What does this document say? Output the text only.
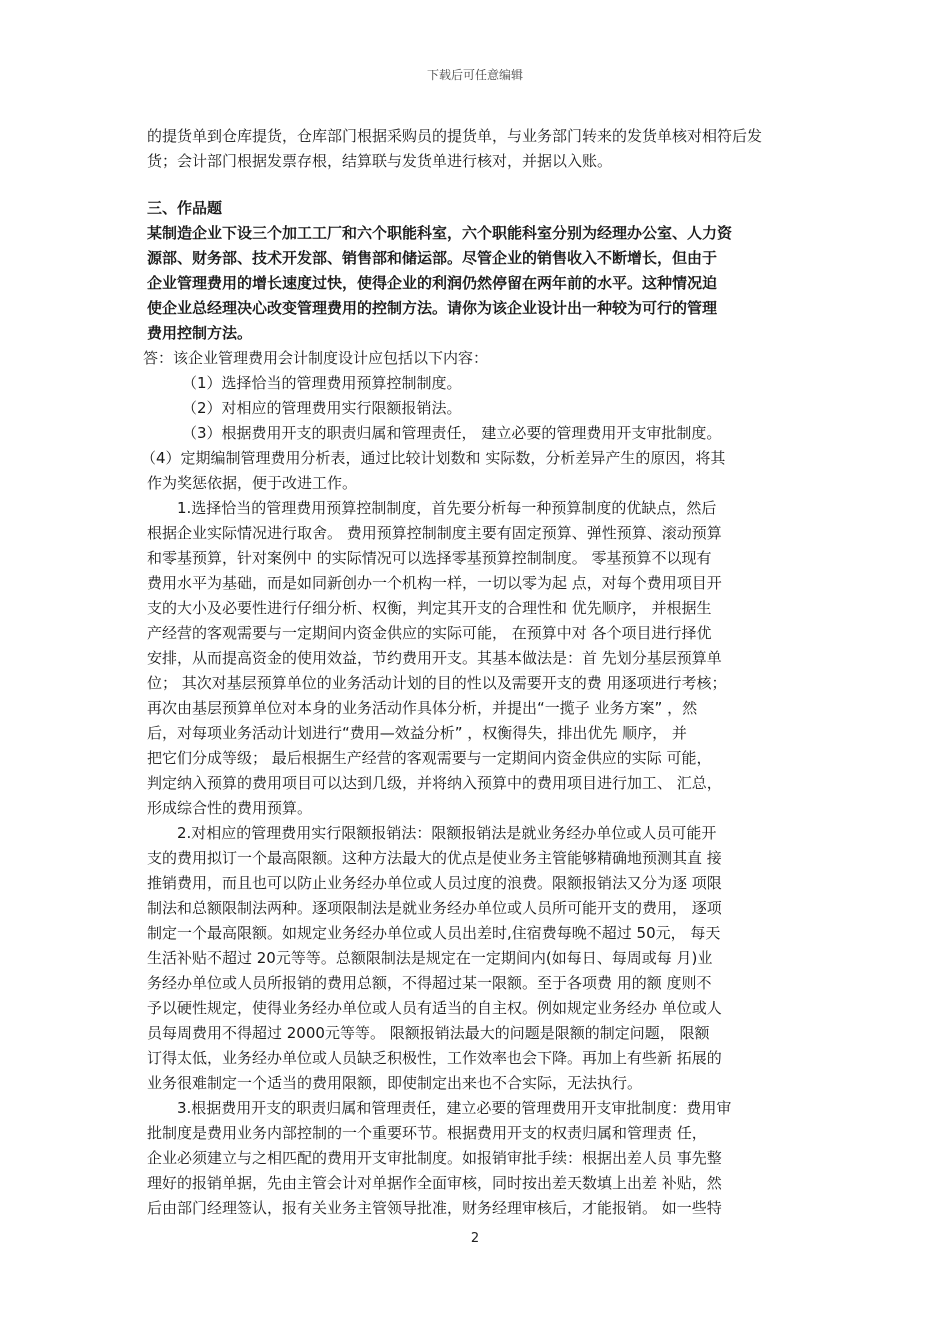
下载后可任意编辑
的提货单到仓库提货，仓库部门根据采购员的提货单，与业务部门转来的发货单核对相符后发
货；会计部门根据发票存根，结算联与发货单进行核对，并据以入账。
三、作品题
某制造企业下设三个加工工厂和六个职能科室，六个职能科室分别为经理办公室、人力资
源部、财务部、技术开发部、销售部和储运部。尽管企业的销售收入不断增长，但由于
企业管理费用的增长速度过快，使得企业的利润仍然停留在两年前的水平。这种情况迫
使企业总经理决心改变管理费用的控制方法。请你为该企业设计出一种较为可行的管理
费用控制方法。
答：该企业管理费用会计制度设计应包括以下内容：
（1）选择恰当的管理费用预算控制制度。
（2）对相应的管理费用实行限额报销法。
（3）根据费用开支的职责归属和管理责任， 建立必要的管理费用开支审批制度。
（4）定期编制管理费用分析表，通过比较计划数和 实际数，分析差异产生的原因，将其
作为奖惩依据，便于改进工作。
1.选择恰当的管理费用预算控制制度，首先要分析每一种预算制度的优缺点，然后
根据企业实际情况进行取舍。 费用预算控制制度主要有固定预算、弹性预算、滚动预算
和零基预算，针对案例中 的实际情况可以选择零基预算控制制度。 零基预算不以现有
费用水平为基础，而是如同新创办一个机构一样，一切以零为起 点，对每个费用项目开
支的大小及必要性进行仔细分析、权衡，判定其开支的合理性和 优先顺序， 并根据生
产经营的客观需要与一定期间内资金供应的实际可能， 在预算中对 各个项目进行择优
安排，从而提高资金的使用效益，节约费用开支。其基本做法是：首 先划分基层预算单
位； 其次对基层预算单位的业务活动计划的目的性以及需要开支的费 用逐项进行考核；
再次由基层预算单位对本身的业务活动作具体分析，并提出“一揽子 业务方案” ，然
后，对每项业务活动计划进行“费用—效益分析” ，权衡得失，排出优先 顺序， 并
把它们分成等级； 最后根据生产经营的客观需要与一定期间内资金供应的实际 可能，
判定纳入预算的费用项目可以达到几级，并将纳入预算中的费用项目进行加工、 汇总，
形成综合性的费用预算。
2.对相应的管理费用实行限额报销法：限额报销法是就业务经办单位或人员可能开
支的费用拟订一个最高限额。这种方法最大的优点是使业务主管能够精确地预测其直 接
推销费用，而且也可以防止业务经办单位或人员过度的浪费。限额报销法又分为逐 项限
制法和总额限制法两种。逐项限制法是就业务经办单位或人员所可能开支的费用， 逐项
制定一个最高限额。如规定业务经办单位或人员出差时,住宿费每晚不超过 50元， 每天
生活补贴不超过 20元等等。总额限制法是规定在一定期间内(如每日、每周或每 月)业
务经办单位或人员所报销的费用总额，不得超过某一限额。至于各项费 用的额 度则不
予以硬性规定，使得业务经办单位或人员有适当的自主权。例如规定业务经办 单位或人
员每周费用不得超过 2000元等等。 限额报销法最大的问题是限额的制定问题， 限额
订得太低，业务经办单位或人员缺乏积极性，工作效率也会下降。再加上有些新 拓展的
业务很难制定一个适当的费用限额，即使制定出来也不合实际，无法执行。
3.根据费用开支的职责归属和管理责任，建立必要的管理费用开支审批制度：费用审
批制度是费用业务内部控制的一个重要环节。根据费用开支的权责归属和管理责 任，
企业必须建立与之相匹配的费用开支审批制度。如报销审批手续：根据出差人员 事先整
理好的报销单据，先由主管会计对单据作全面审核，同时按出差天数填上出差 补贴，然
后由部门经理签认，报有关业务主管领导批准，财务经理审核后，才能报销。 如一些特
2
